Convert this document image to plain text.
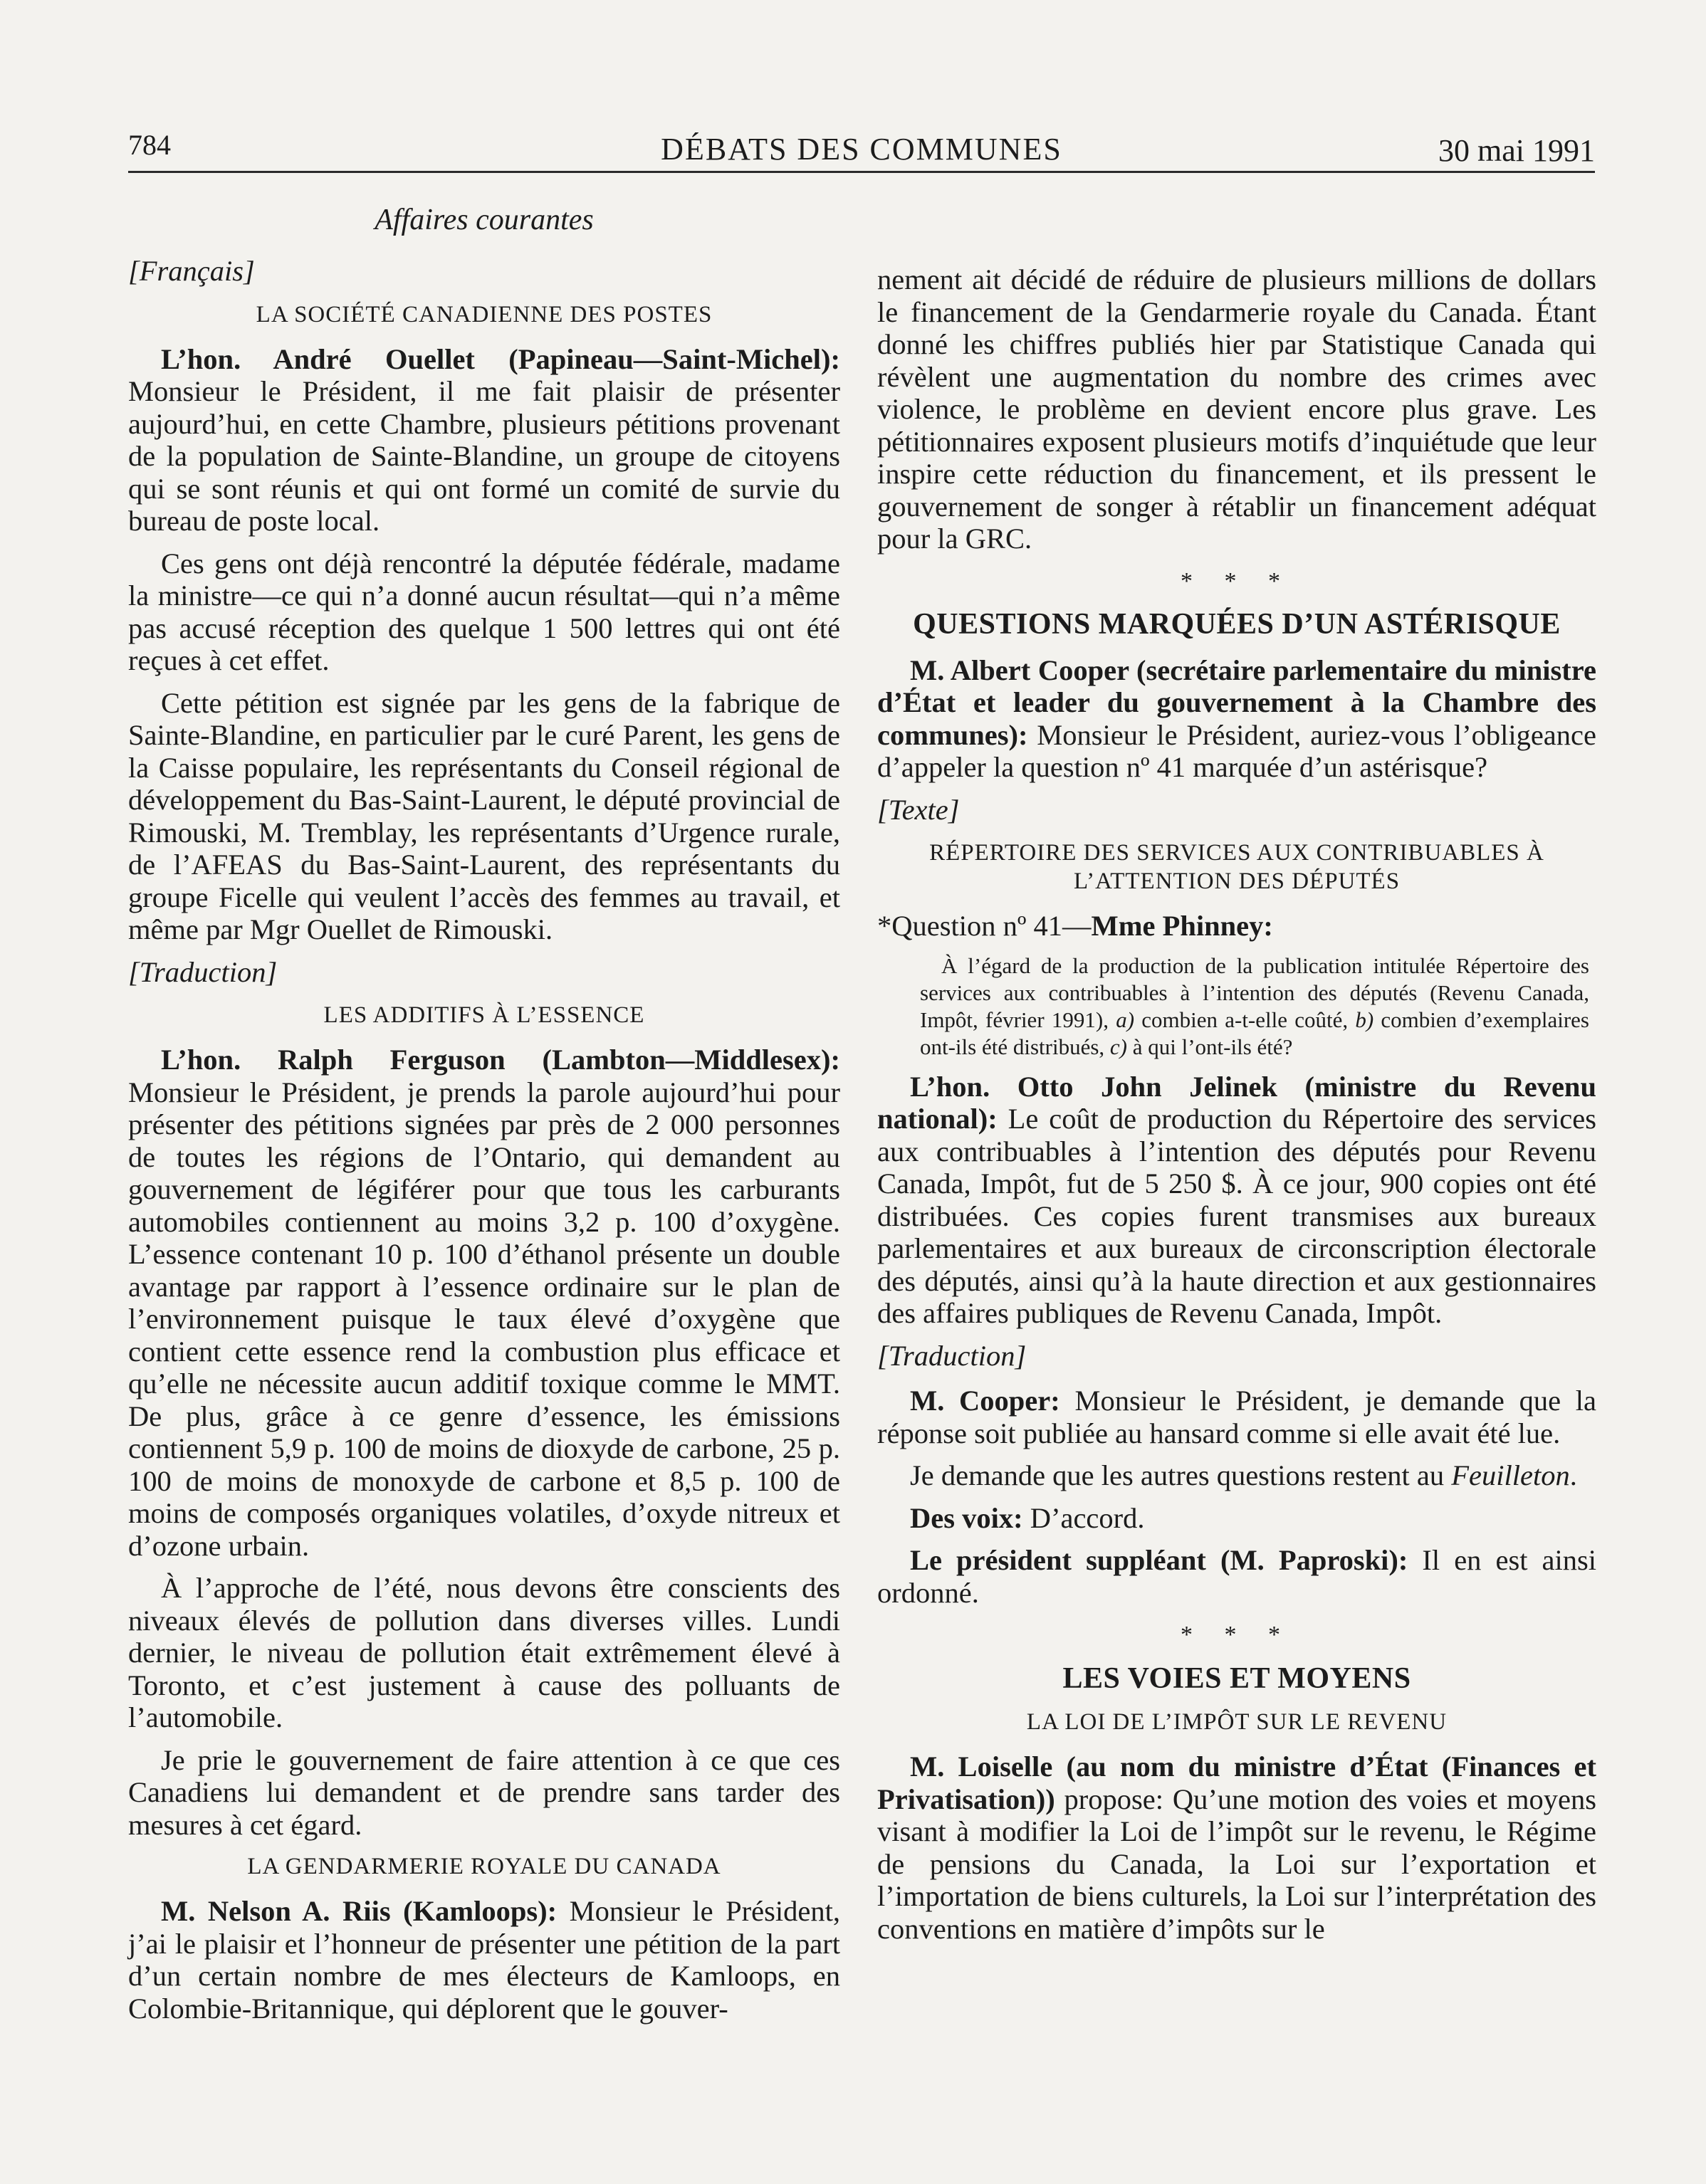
784	DÉBATS DES COMMUNES	30 mai 1991
Affaires courantes

[Français]

LA SOCIÉTÉ CANADIENNE DES POSTES

L’hon. André Ouellet (Papineau—Saint-Michel): Monsieur le Président, il me fait plaisir de présenter aujourd’hui, en cette Chambre, plusieurs pétitions provenant de la population de Sainte-Blandine, un groupe de citoyens qui se sont réunis et qui ont formé un comité de survie du bureau de poste local.

Ces gens ont déjà rencontré la députée fédérale, madame la ministre—ce qui n’a donné aucun résultat—qui n’a même pas accusé réception des quelque 1 500 lettres qui ont été reçues à cet effet.

Cette pétition est signée par les gens de la fabrique de Sainte-Blandine, en particulier par le curé Parent, les gens de la Caisse populaire, les représentants du Conseil régional de développement du Bas-Saint-Laurent, le député provincial de Rimouski, M. Tremblay, les représentants d’Urgence rurale, de l’AFEAS du Bas-Saint-Laurent, des représentants du groupe Ficelle qui veulent l’accès des femmes au travail, et même par Mgr Ouellet de Rimouski.

[Traduction]

LES ADDITIFS À L’ESSENCE

L’hon. Ralph Ferguson (Lambton—Middlesex): Monsieur le Président, je prends la parole aujourd’hui pour présenter des pétitions signées par près de 2 000 personnes de toutes les régions de l’Ontario, qui demandent au gouvernement de légiférer pour que tous les carburants automobiles contiennent au moins 3,2 p. 100 d’oxygène. L’essence contenant 10 p. 100 d’éthanol présente un double avantage par rapport à l’essence ordinaire sur le plan de l’environnement puisque le taux élevé d’oxygène que contient cette essence rend la combustion plus efficace et qu’elle ne nécessite aucun additif toxique comme le MMT. De plus, grâce à ce genre d’essence, les émissions contiennent 5,9 p. 100 de moins de dioxyde de carbone, 25 p. 100 de moins de monoxyde de carbone et 8,5 p. 100 de moins de composés organiques volatiles, d’oxyde nitreux et d’ozone urbain.

À l’approche de l’été, nous devons être conscients des niveaux élevés de pollution dans diverses villes. Lundi dernier, le niveau de pollution était extrêmement élevé à Toronto, et c’est justement à cause des polluants de l’automobile.

Je prie le gouvernement de faire attention à ce que ces Canadiens lui demandent et de prendre sans tarder des mesures à cet égard.

LA GENDARMERIE ROYALE DU CANADA

M. Nelson A. Riis (Kamloops): Monsieur le Président, j’ai le plaisir et l’honneur de présenter une pétition de la part d’un certain nombre de mes électeurs de Kamloops, en Colombie-Britannique, qui déplorent que le gouver-

nement ait décidé de réduire de plusieurs millions de dollars le financement de la Gendarmerie royale du Canada. Étant donné les chiffres publiés hier par Statistique Canada qui révèlent une augmentation du nombre des crimes avec violence, le problème en devient encore plus grave. Les pétitionnaires exposent plusieurs motifs d’inquiétude que leur inspire cette réduction du financement, et ils pressent le gouvernement de songer à rétablir un financement adéquat pour la GRC.

* * *
QUESTIONS MARQUÉES D’UN ASTÉRISQUE

M. Albert Cooper (secrétaire parlementaire du ministre d’État et leader du gouvernement à la Chambre des communes): Monsieur le Président, auriez-vous l’obligeance d’appeler la question nº 41 marquée d’un astérisque?

[Texte]

RÉPERTOIRE DES SERVICES AUX CONTRIBUABLES À L’ATTENTION DES DÉPUTÉS

*Question nº 41—Mme Phinney:

À l’égard de la production de la publication intitulée Répertoire des services aux contribuables à l’intention des députés (Revenu Canada, Impôt, février 1991), a) combien a-t-elle coûté, b) combien d’exemplaires ont-ils été distribués, c) à qui l’ont-ils été?

L’hon. Otto John Jelinek (ministre du Revenu national): Le coût de production du Répertoire des services aux contribuables à l’intention des députés pour Revenu Canada, Impôt, fut de 5 250 $. À ce jour, 900 copies ont été distribuées. Ces copies furent transmises aux bureaux parlementaires et aux bureaux de circonscription électorale des députés, ainsi qu’à la haute direction et aux gestionnaires des affaires publiques de Revenu Canada, Impôt.

[Traduction]

M. Cooper: Monsieur le Président, je demande que la réponse soit publiée au hansard comme si elle avait été lue.

Je demande que les autres questions restent au Feuilleton.

Des voix: D’accord.

Le président suppléant (M. Paproski): Il en est ainsi ordonné.

* * *
LES VOIES ET MOYENS
LA LOI DE L’IMPÔT SUR LE REVENU

M. Loiselle (au nom du ministre d’État (Finances et Privatisation)) propose: Qu’une motion des voies et moyens visant à modifier la Loi de l’impôt sur le revenu, le Régime de pensions du Canada, la Loi sur l’exportation et l’importation de biens culturels, la Loi sur l’interprétation des conventions en matière d’impôts sur le
